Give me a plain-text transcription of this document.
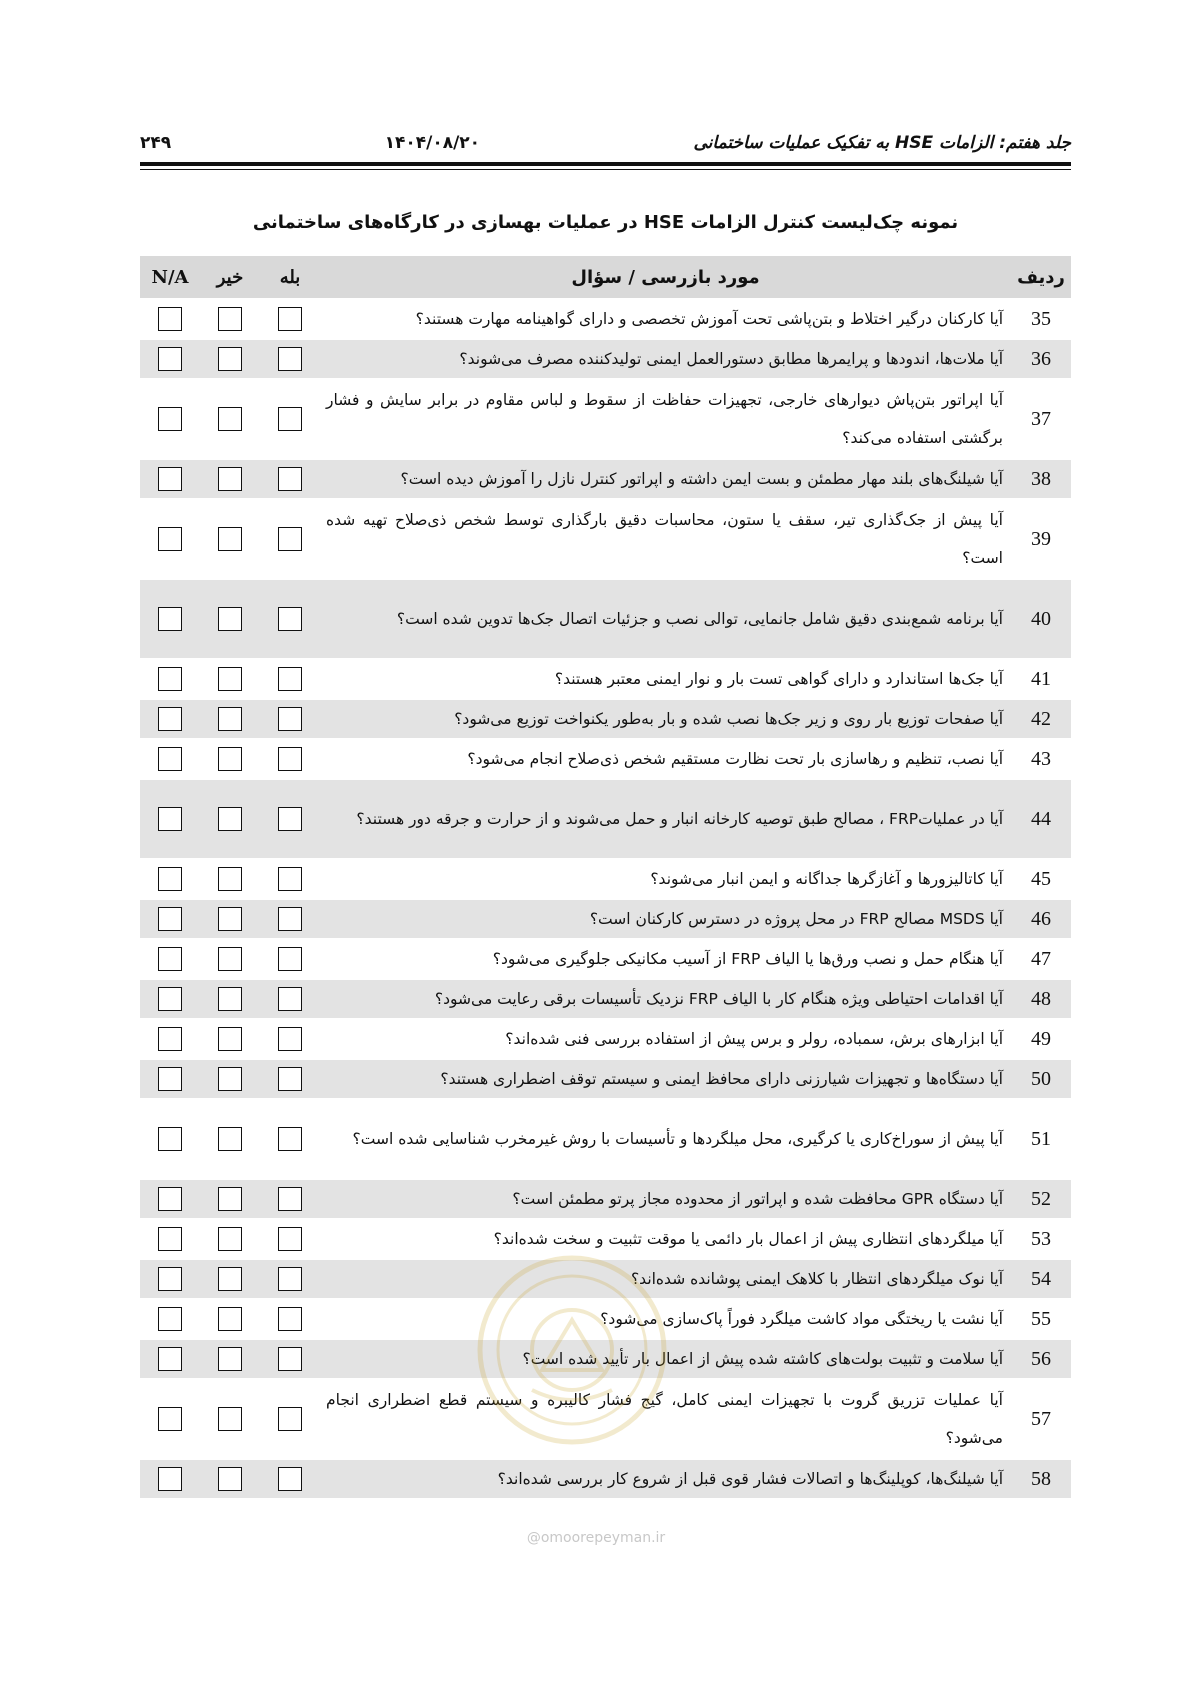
جلد هفتم: الزامات HSE به تفکیک عملیات ساختمانی
۱۴۰۴/۰۸/۲۰
۲۴۹
نمونه چک‌لیست کنترل الزامات HSE در عملیات بهسازی در کارگاه‌های ساختمانی
ردیف	مورد بازرسی / سؤال	بله	خیر	N/A
35	آیا کارکنان درگیر اختلاط و بتن‌پاشی تحت آموزش تخصصی و دارای گواهینامه مهارت هستند؟			
36	آیا ملات‌ها، اندودها و پرایمرها مطابق دستورالعمل ایمنی تولیدکننده مصرف می‌شوند؟			
37	آیا اپراتور بتن‌پاش دیوارهای خارجی، تجهیزات حفاظت از سقوط و لباس مقاوم در برابر سایش و فشار برگشتی استفاده می‌کند؟			
38	آیا شیلنگ‌های بلند مهار مطمئن و بست ایمن داشته و اپراتور کنترل نازل را آموزش دیده است؟			
39	آیا پیش از جک‌گذاری تیر، سقف یا ستون، محاسبات دقیق بارگذاری توسط شخص ذی‌صلاح تهیه شده است؟			
40	آیا برنامه شمع‌بندی دقیق شامل جانمایی، توالی نصب و جزئیات اتصال جک‌ها تدوین شده است؟			
41	آیا جک‌ها استاندارد و دارای گواهی تست بار و نوار ایمنی معتبر هستند؟			
42	آیا صفحات توزیع بار روی و زیر جک‌ها نصب شده و بار به‌طور یکنواخت توزیع می‌شود؟			
43	آیا نصب، تنظیم و رهاسازی بار تحت نظارت مستقیم شخص ذی‌صلاح انجام می‌شود؟			
44	آیا در عملیاتFRP ، مصالح طبق توصیه کارخانه انبار و حمل می‌شوند و از حرارت و جرقه دور هستند؟			
45	آیا کاتالیزورها و آغازگرها جداگانه و ایمن انبار می‌شوند؟			
46	آیا MSDS مصالح FRP در محل پروژه در دسترس کارکنان است؟			
47	آیا هنگام حمل و نصب ورق‌ها یا الیاف FRP از آسیب مکانیکی جلوگیری می‌شود؟			
48	آیا اقدامات احتیاطی ویژه هنگام کار با الیاف FRP نزدیک تأسیسات برقی رعایت می‌شود؟			
49	آیا ابزارهای برش، سمباده، رولر و برس پیش از استفاده بررسی فنی شده‌اند؟			
50	آیا دستگاه‌ها و تجهیزات شیارزنی دارای محافظ ایمنی و سیستم توقف اضطراری هستند؟			
51	آیا پیش از سوراخ‌کاری یا کرگیری، محل میلگردها و تأسیسات با روش غیرمخرب شناسایی شده است؟			
52	آیا دستگاه GPR محافظت شده و اپراتور از محدوده مجاز پرتو مطمئن است؟			
53	آیا میلگردهای انتظاری پیش از اعمال بار دائمی یا موقت تثبیت و سخت شده‌اند؟			
54	آیا نوک میلگردهای انتظار با کلاهک ایمنی پوشانده شده‌اند؟			
55	آیا نشت یا ریختگی مواد کاشت میلگرد فوراً پاک‌سازی می‌شود؟			
56	آیا سلامت و تثبیت بولت‌های کاشته شده پیش از اعمال بار تأیید شده است؟			
57	آیا عملیات تزریق گروت با تجهیزات ایمنی کامل، گیج فشار کالیبره و سیستم قطع اضطراری انجام می‌شود؟			
58	آیا شیلنگ‌ها، کوپلینگ‌ها و اتصالات فشار قوی قبل از شروع کار بررسی شده‌اند؟			
@omoorepeyman.ir
